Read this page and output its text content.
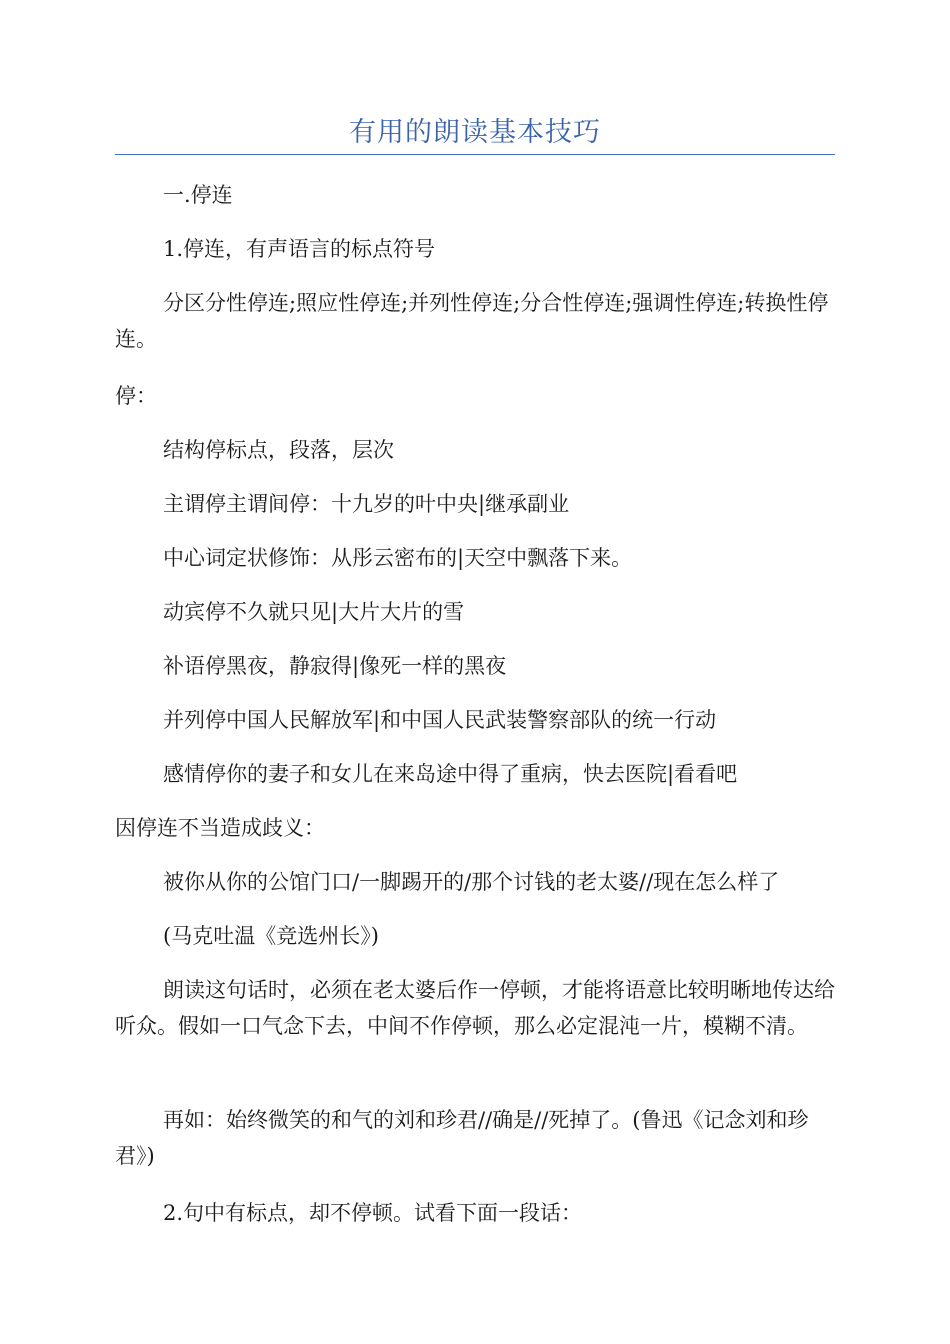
有用的朗读基本技巧

一.停连

1.停连，有声语言的标点符号

分区分性停连;照应性停连;并列性停连;分合性停连;强调性停连;转换性停连。

停：

结构停标点，段落，层次

主谓停主谓间停：十九岁的叶中央|继承副业

中心词定状修饰：从彤云密布的|天空中飘落下来。

动宾停不久就只见|大片大片的雪

补语停黑夜，静寂得|像死一样的黑夜

并列停中国人民解放军|和中国人民武装警察部队的统一行动

感情停你的妻子和女儿在来岛途中得了重病，快去医院|看看吧

因停连不当造成歧义：

被你从你的公馆门口/一脚踢开的/那个讨钱的老太婆//现在怎么样了

(马克吐温《竞选州长》)

朗读这句话时，必须在老太婆后作一停顿，才能将语意比较明晰地传达给听众。假如一口气念下去，中间不作停顿，那么必定混沌一片，模糊不清。

再如：始终微笑的和气的刘和珍君//确是//死掉了。(鲁迅《记念刘和珍君》)

2.句中有标点，却不停顿。试看下面一段话：
